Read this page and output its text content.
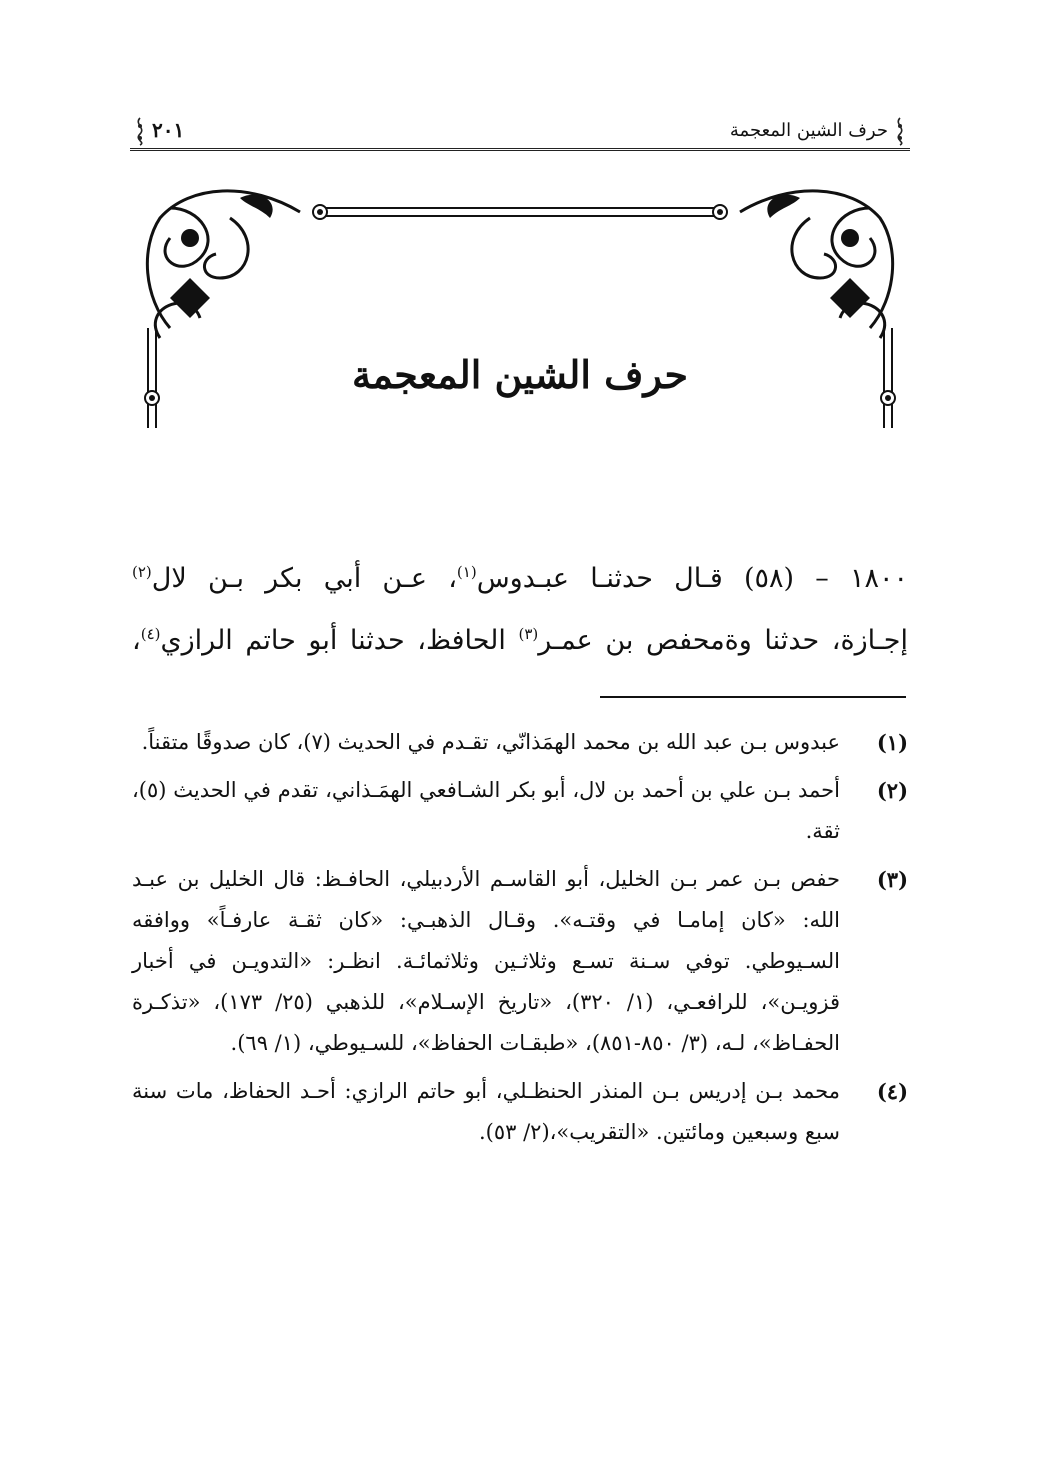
حرف الشين المعجمة
٢٠١
حرف الشين المعجمة
١٨٠٠ – (٥٨) قـال حدثنـا عبـدوس$^{(١)}$، عـن أبي بكر بـن لال$^{(٢)}$
إجـازة، حدثنا وةمحفص بن عمـر$^{(٣)}$ الحافظ، حدثنا أبو حاتم الرازي$^{(٤)}$،
(١)
عبدوس بـن عبد الله بن محمد الهمَذانّي، تقـدم في الحديث (٧)، كان صدوقًا متقناً.
(٢)
أحمد بـن علي بن أحمد بن لال، أبو بكر الشـافعي الهمَـذاني، تقدم في الحديث (٥)، ثقة.
(٣)
حفص بـن عمر بـن الخليل، أبو القاسـم الأردبيلي، الحافـظ: قال الخليل بن عبـد الله: «كان إمامـا في وقتـه». وقـال الذهبـي: «كان ثقـة عارفـاً» ووافقه السـيوطي. توفي سـنة تسـع وثلاثـين وثلاثمائـة. انظـر: «التدويـن في أخبار قزويـن»، للرافعـي، (١/ ٣٢٠)، «تاريخ الإسـلام»، للذهبي (٢٥/ ١٧٣)، «تذكـرة الحفـاظ»، لـه، (٣/ ٨٥٠-٨٥١)، «طبقـات الحفاظ»، للسـيوطي، (١/ ٦٩).
(٤)
محمد بـن إدريس بـن المنذر الحنظـلي، أبو حاتم الرازي: أحـد الحفاظ، مات سنة سبع وسبعين ومائتين. «التقريب»،(٢/ ٥٣).
